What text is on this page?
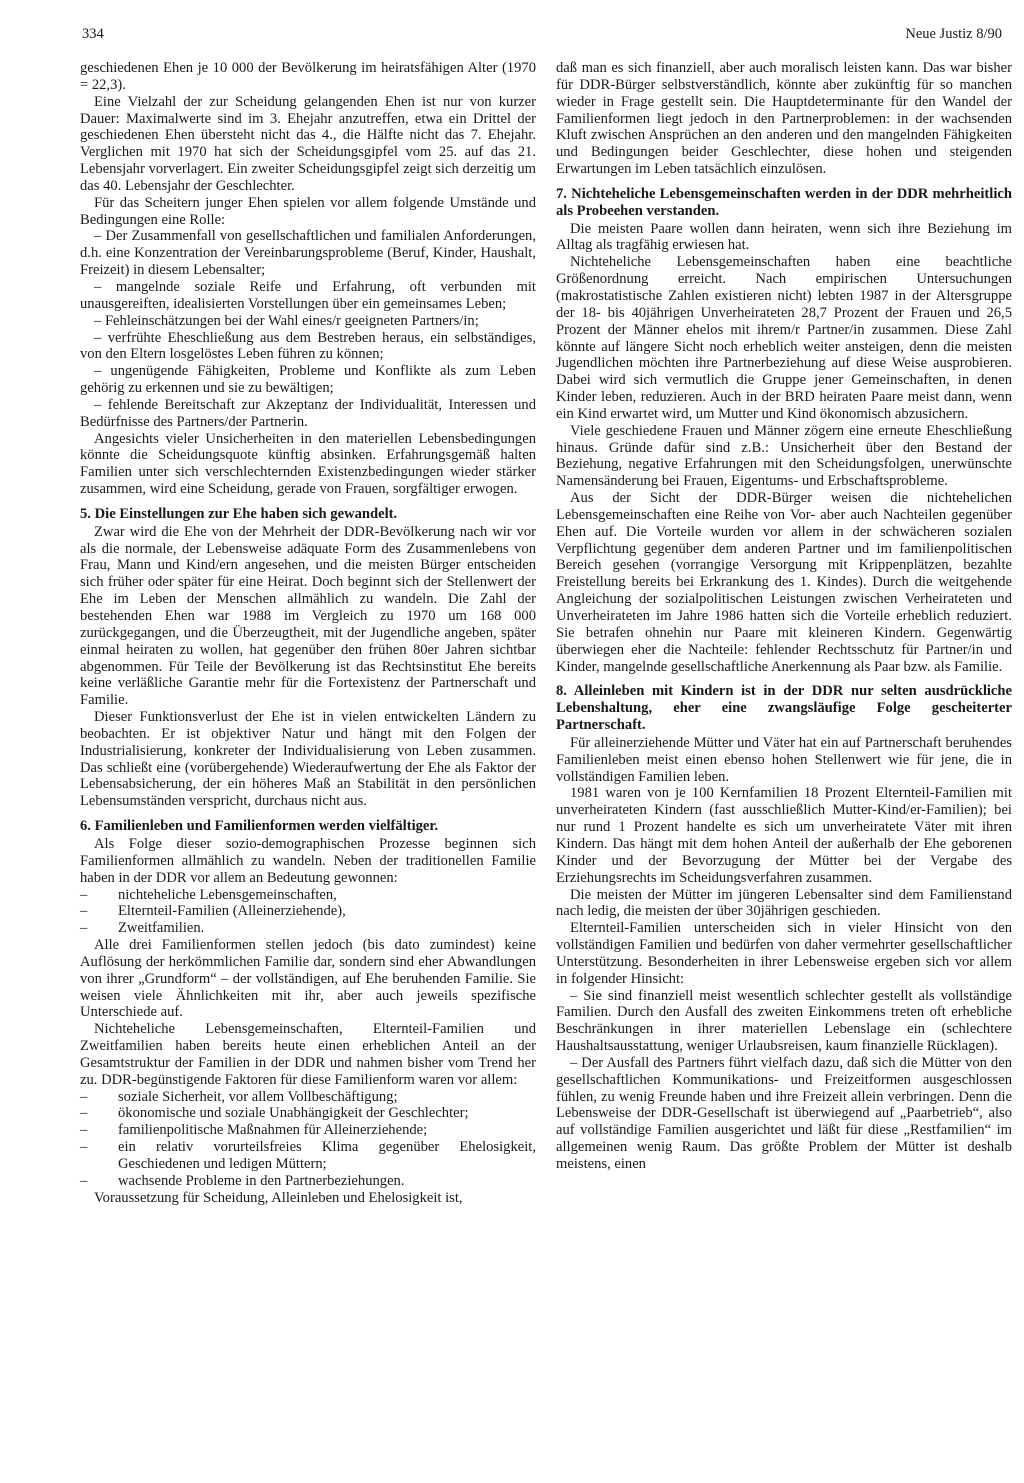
334	Neue Justiz 8/90

geschiedenen Ehen je 10 000 der Bevölkerung im heiratsfähigen Alter (1970 = 22,3).

Eine Vielzahl der zur Scheidung gelangenden Ehen ist nur von kurzer Dauer: Maximalwerte sind im 3. Ehejahr anzutreffen, etwa ein Drittel der geschiedenen Ehen übersteht nicht das 4., die Hälfte nicht das 7. Ehejahr. Verglichen mit 1970 hat sich der Scheidungsgipfel vom 25. auf das 21. Lebensjahr vorverlagert. Ein zweiter Scheidungsgipfel zeigt sich derzeitig um das 40. Lebensjahr der Geschlechter.

Für das Scheitern junger Ehen spielen vor allem folgende Umstände und Bedingungen eine Rolle:

– Der Zusammenfall von gesellschaftlichen und familialen Anforderungen, d.h. eine Konzentration der Vereinbarungsprobleme (Beruf, Kinder, Haushalt, Freizeit) in diesem Lebensalter;

– mangelnde soziale Reife und Erfahrung, oft verbunden mit unausgereiften, idealisierten Vorstellungen über ein gemeinsames Leben;

– Fehleinschätzungen bei der Wahl eines/r geeigneten Partners/in;

– verfrühte Eheschließung aus dem Bestreben heraus, ein selbständiges, von den Eltern losgelöstes Leben führen zu können;

– ungenügende Fähigkeiten, Probleme und Konflikte als zum Leben gehörig zu erkennen und sie zu bewältigen;

– fehlende Bereitschaft zur Akzeptanz der Individualität, Interessen und Bedürfnisse des Partners/der Partnerin.

Angesichts vieler Unsicherheiten in den materiellen Lebensbedingungen könnte die Scheidungsquote künftig absinken. Erfahrungsgemäß halten Familien unter sich verschlechternden Existenzbedingungen wieder stärker zusammen, wird eine Scheidung, gerade von Frauen, sorgfältiger erwogen.

5. Die Einstellungen zur Ehe haben sich gewandelt.

Zwar wird die Ehe von der Mehrheit der DDR-Bevölkerung nach wir vor als die normale, der Lebensweise adäquate Form des Zusammenlebens von Frau, Mann und Kind/ern angesehen, und die meisten Bürger entscheiden sich früher oder später für eine Heirat. Doch beginnt sich der Stellenwert der Ehe im Leben der Menschen allmählich zu wandeln. Die Zahl der bestehenden Ehen war 1988 im Vergleich zu 1970 um 168 000 zurückgegangen, und die Überzeugtheit, mit der Jugendliche angeben, später einmal heiraten zu wollen, hat gegenüber den frühen 80er Jahren sichtbar abgenommen. Für Teile der Bevölkerung ist das Rechtsinstitut Ehe bereits keine verläßliche Garantie mehr für die Fortexistenz der Partnerschaft und Familie.

Dieser Funktionsverlust der Ehe ist in vielen entwickelten Ländern zu beobachten. Er ist objektiver Natur und hängt mit den Folgen der Industrialisierung, konkreter der Individualisierung von Leben zusammen. Das schließt eine (vorübergehende) Wiederaufwertung der Ehe als Faktor der Lebensabsicherung, der ein höheres Maß an Stabilität in den persönlichen Lebensumständen verspricht, durchaus nicht aus.

6. Familienleben und Familienformen werden vielfältiger.

Als Folge dieser sozio-demographischen Prozesse beginnen sich Familienformen allmählich zu wandeln. Neben der traditionellen Familie haben in der DDR vor allem an Bedeutung gewonnen:

–	nichteheliche Lebensgemeinschaften,
–	Elternteil-Familien (Alleinerziehende),
–	Zweitfamilien.

Alle drei Familienformen stellen jedoch (bis dato zumindest) keine Auflösung der herkömmlichen Familie dar, sondern sind eher Abwandlungen von ihrer „Grundform“ – der vollständigen, auf Ehe beruhenden Familie. Sie weisen viele Ähnlichkeiten mit ihr, aber auch jeweils spezifische Unterschiede auf.

Nichteheliche Lebensgemeinschaften, Elternteil-Familien und Zweitfamilien haben bereits heute einen erheblichen Anteil an der Gesamtstruktur der Familien in der DDR und nahmen bisher vom Trend her zu. DDR-begünstigende Faktoren für diese Familienform waren vor allem:

–	soziale Sicherheit, vor allem Vollbeschäftigung;
–	ökonomische und soziale Unabhängigkeit der Geschlechter;
–	familienpolitische Maßnahmen für Alleinerziehende;
–	ein relativ vorurteilsfreies Klima gegenüber Ehelosigkeit, Geschiedenen und ledigen Müttern;
–	wachsende Probleme in den Partnerbeziehungen.

Voraussetzung für Scheidung, Alleinleben und Ehelosigkeit ist,

daß man es sich finanziell, aber auch moralisch leisten kann. Das war bisher für DDR-Bürger selbstverständlich, könnte aber zukünftig für so manchen wieder in Frage gestellt sein. Die Hauptdeterminante für den Wandel der Familienformen liegt jedoch in den Partnerproblemen: in der wachsenden Kluft zwischen Ansprüchen an den anderen und den mangelnden Fähigkeiten und Bedingungen beider Geschlechter, diese hohen und steigenden Erwartungen im Leben tatsächlich einzulösen.

7. Nichteheliche Lebensgemeinschaften werden in der DDR mehrheitlich als Probeehen verstanden.

Die meisten Paare wollen dann heiraten, wenn sich ihre Beziehung im Alltag als tragfähig erwiesen hat.

Nichteheliche Lebensgemeinschaften haben eine beachtliche Größenordnung erreicht. Nach empirischen Untersuchungen (makrostatistische Zahlen existieren nicht) lebten 1987 in der Altersgruppe der 18- bis 40jährigen Unverheirateten 28,7 Prozent der Frauen und 26,5 Prozent der Männer ehelos mit ihrem/r Partner/in zusammen. Diese Zahl könnte auf längere Sicht noch erheblich weiter ansteigen, denn die meisten Jugendlichen möchten ihre Partnerbeziehung auf diese Weise ausprobieren. Dabei wird sich vermutlich die Gruppe jener Gemeinschaften, in denen Kinder leben, reduzieren. Auch in der BRD heiraten Paare meist dann, wenn ein Kind erwartet wird, um Mutter und Kind ökonomisch abzusichern.

Viele geschiedene Frauen und Männer zögern eine erneute Eheschließung hinaus. Gründe dafür sind z.B.: Unsicherheit über den Bestand der Beziehung, negative Erfahrungen mit den Scheidungsfolgen, unerwünschte Namensänderung bei Frauen, Eigentums- und Erbschaftsprobleme.

Aus der Sicht der DDR-Bürger weisen die nichtehelichen Lebensgemeinschaften eine Reihe von Vor- aber auch Nachteilen gegenüber Ehen auf. Die Vorteile wurden vor allem in der schwächeren sozialen Verpflichtung gegenüber dem anderen Partner und im familienpolitischen Bereich gesehen (vorrangige Versorgung mit Krippenplätzen, bezahlte Freistellung bereits bei Erkrankung des 1. Kindes). Durch die weitgehende Angleichung der sozialpolitischen Leistungen zwischen Verheirateten und Unverheirateten im Jahre 1986 hatten sich die Vorteile erheblich reduziert. Sie betrafen ohnehin nur Paare mit kleineren Kindern. Gegenwärtig überwiegen eher die Nachteile: fehlender Rechtsschutz für Partner/in und Kinder, mangelnde gesellschaftliche Anerkennung als Paar bzw. als Familie.

8. Alleinleben mit Kindern ist in der DDR nur selten ausdrückliche Lebenshaltung, eher eine zwangsläufige Folge gescheiterter Partnerschaft.

Für alleinerziehende Mütter und Väter hat ein auf Partnerschaft beruhendes Familienleben meist einen ebenso hohen Stellenwert wie für jene, die in vollständigen Familien leben.

1981 waren von je 100 Kernfamilien 18 Prozent Elternteil-Familien mit unverheirateten Kindern (fast ausschließlich Mutter-Kind/er-Familien); bei nur rund 1 Prozent handelte es sich um unverheiratete Väter mit ihren Kindern. Das hängt mit dem hohen Anteil der außerhalb der Ehe geborenen Kinder und der Bevorzugung der Mütter bei der Vergabe des Erziehungsrechts im Scheidungsverfahren zusammen.

Die meisten der Mütter im jüngeren Lebensalter sind dem Familienstand nach ledig, die meisten der über 30jährigen geschieden.

Elternteil-Familien unterscheiden sich in vieler Hinsicht von den vollständigen Familien und bedürfen von daher vermehrter gesellschaftlicher Unterstützung. Besonderheiten in ihrer Lebensweise ergeben sich vor allem in folgender Hinsicht:

– Sie sind finanziell meist wesentlich schlechter gestellt als vollständige Familien. Durch den Ausfall des zweiten Einkommens treten oft erhebliche Beschränkungen in ihrer materiellen Lebenslage ein (schlechtere Haushaltsausstattung, weniger Urlaubsreisen, kaum finanzielle Rücklagen).

– Der Ausfall des Partners führt vielfach dazu, daß sich die Mütter von den gesellschaftlichen Kommunikations- und Freizeitformen ausgeschlossen fühlen, zu wenig Freunde haben und ihre Freizeit allein verbringen. Denn die Lebensweise der DDR-Gesellschaft ist überwiegend auf „Paarbetrieb“, also auf vollständige Familien ausgerichtet und läßt für diese „Restfamilien“ im allgemeinen wenig Raum. Das größte Problem der Mütter ist deshalb meistens, einen
